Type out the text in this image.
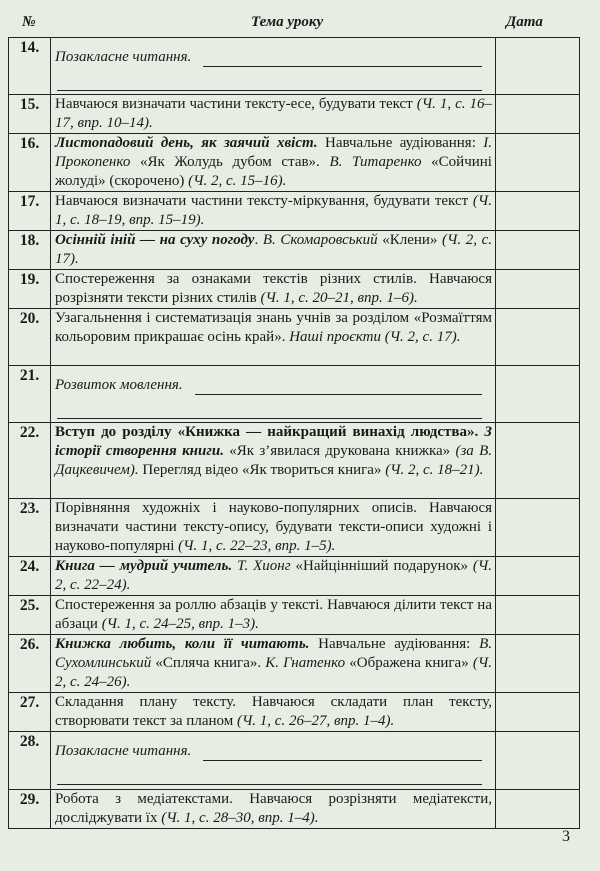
№	Тема уроку	Дата
14.	Позакласне читання.	

15.	Навчаюся визначати частини тексту-есе, будувати текст (Ч. 1, с. 16–17, впр. 10–14).	
16.	Листопадовий день, як заячий хвіст. Навчальне аудіювання: І. Прокопенко «Як Жолудь дубом став». В. Титаренко «Сойчині жолуді» (скорочено) (Ч. 2, с. 15–16).	
17.	Навчаюся визначати частини тексту-міркування, будувати текст (Ч. 1, с. 18–19, впр. 15–19).	
18.	Осінній іній — на суху погоду. В. Скомаровський «Клени» (Ч. 2, с. 17).	
19.	Спостереження за ознаками текстів різних стилів. Навчаюся розрізняти тексти різних стилів (Ч. 1, с. 20–21, впр. 1–6).	
20.	Узагальнення і систематизація знань учнів за розділом «Розмаїттям кольоровим прикрашає осінь край». Наші проєкти (Ч. 2, с. 17).	
21.	Розвиток мовлення.	

22.	Вступ до розділу «Книжка — найкращий винахід людства». З історії створення книги. «Як з’явилася друкована книжка» (за В. Дацкевичем). Перегляд відео «Як твориться книга» (Ч. 2, с. 18–21).	
23.	Порівняння художніх і науково-популярних описів. Навчаюся визначати частини тексту-опису, будувати тексти-описи художні і науково-популярні (Ч. 1, с. 22–23, впр. 1–5).	
24.	Книга — мудрий учитель. Т. Хионг «Найцінніший подарунок» (Ч. 2, с. 22–24).	
25.	Спостереження за роллю абзаців у тексті. Навчаюся ділити текст на абзаци (Ч. 1, с. 24–25, впр. 1–3).	
26.	Книжка любить, коли її читають. Навчальне аудіювання: В. Сухомлинський «Спляча книга». К. Гнатенко «Ображена книга» (Ч. 2, с. 24–26).	
27.	Складання плану тексту. Навчаюся складати план тексту, створювати текст за планом (Ч. 1, с. 26–27, впр. 1–4).	
28.	Позакласне читання.	

29.	Робота з медіатекстами. Навчаюся розрізняти медіатексти, досліджувати їх (Ч. 1, с. 28–30, впр. 1–4).	
3
